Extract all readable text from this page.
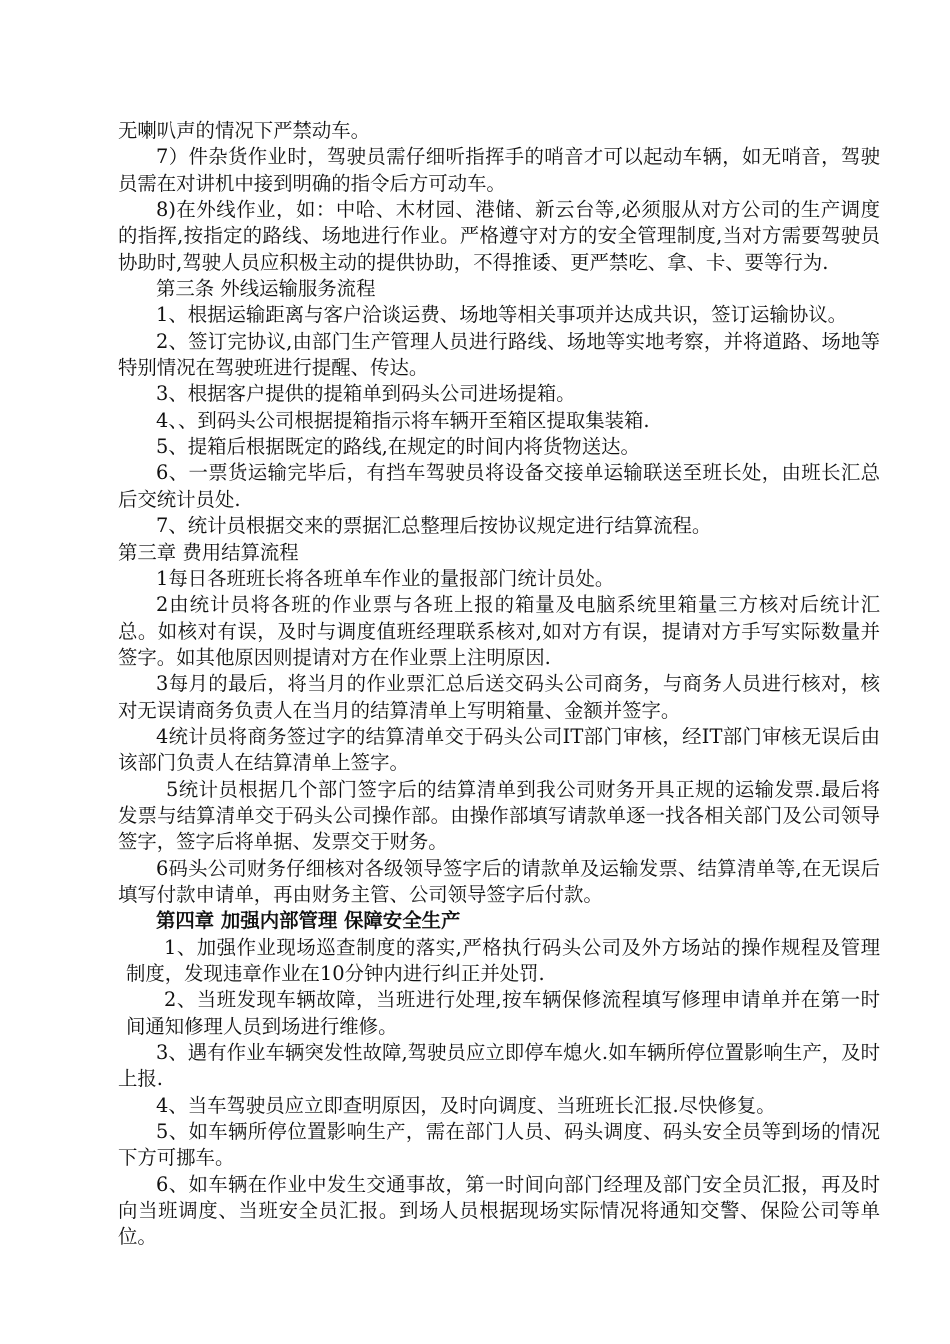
无喇叭声的情况下严禁动车。

7）件杂货作业时，驾驶员需仔细听指挥手的哨音才可以起动车辆，如无哨音，驾驶员需在对讲机中接到明确的指令后方可动车。

8)在外线作业，如：中哈、木材园、港储、新云台等,必须服从对方公司的生产调度的指挥,按指定的路线、场地进行作业。严格遵守对方的安全管理制度,当对方需要驾驶员协助时,驾驶人员应积极主动的提供协助，不得推诿、更严禁吃、拿、卡、要等行为.

第三条 外线运输服务流程

1、根据运输距离与客户洽谈运费、场地等相关事项并达成共识，签订运输协议。

2、签订完协议,由部门生产管理人员进行路线、场地等实地考察，并将道路、场地等特别情况在驾驶班进行提醒、传达。

3、根据客户提供的提箱单到码头公司进场提箱。

4、、到码头公司根据提箱指示将车辆开至箱区提取集装箱.

5、提箱后根据既定的路线,在规定的时间内将货物送达。

6、一票货运输完毕后，有挡车驾驶员将设备交接单运输联送至班长处，由班长汇总后交统计员处.

7、统计员根据交来的票据汇总整理后按协议规定进行结算流程。

第三章 费用结算流程

1每日各班班长将各班单车作业的量报部门统计员处。

2由统计员将各班的作业票与各班上报的箱量及电脑系统里箱量三方核对后统计汇总。如核对有误，及时与调度值班经理联系核对,如对方有误，提请对方手写实际数量并签字。如其他原因则提请对方在作业票上注明原因.

3每月的最后，将当月的作业票汇总后送交码头公司商务，与商务人员进行核对，核对无误请商务负责人在当月的结算清单上写明箱量、金额并签字。

4统计员将商务签过字的结算清单交于码头公司IT部门审核，经IT部门审核无误后由该部门负责人在结算清单上签字。

5统计员根据几个部门签字后的结算清单到我公司财务开具正规的运输发票.最后将发票与结算清单交于码头公司操作部。由操作部填写请款单逐一找各相关部门及公司领导签字，签字后将单据、发票交于财务。

6码头公司财务仔细核对各级领导签字后的请款单及运输发票、结算清单等,在无误后填写付款申请单，再由财务主管、公司领导签字后付款。

第四章 加强内部管理 保障安全生产

1、加强作业现场巡查制度的落实,严格执行码头公司及外方场站的操作规程及管理制度，发现违章作业在10分钟内进行纠正并处罚.

2、当班发现车辆故障，当班进行处理,按车辆保修流程填写修理申请单并在第一时间通知修理人员到场进行维修。

3、遇有作业车辆突发性故障,驾驶员应立即停车熄火.如车辆所停位置影响生产，及时上报.

4、当车驾驶员应立即查明原因，及时向调度、当班班长汇报.尽快修复。

5、如车辆所停位置影响生产，需在部门人员、码头调度、码头安全员等到场的情况下方可挪车。

6、如车辆在作业中发生交通事故，第一时间向部门经理及部门安全员汇报，再及时向当班调度、当班安全员汇报。到场人员根据现场实际情况将通知交警、保险公司等单位。
